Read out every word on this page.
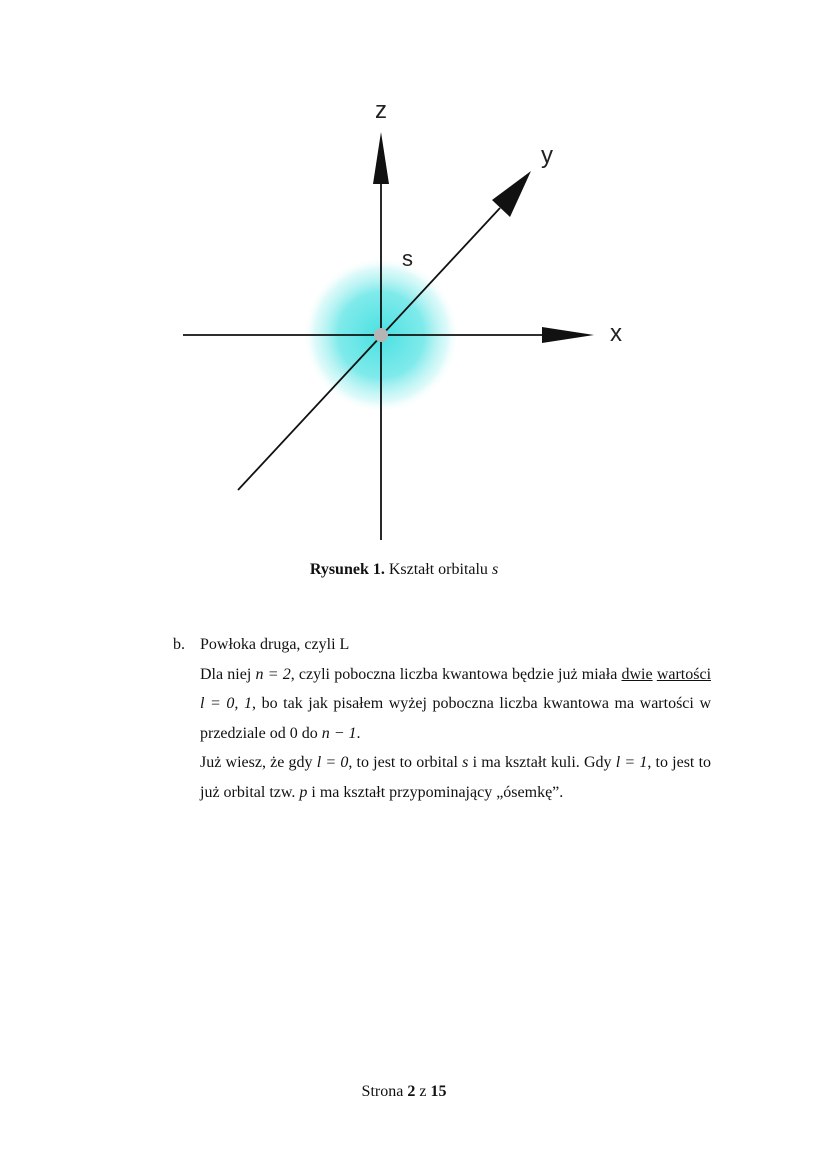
z
y
x
s
Rysunek 1. Kształt orbitalu s
b. Powłoka druga, czyli L
Dla niej n = 2, czyli poboczna liczba kwantowa będzie już miała dwie wartości l = 0, 1, bo tak jak pisałem wyżej poboczna liczba kwantowa ma wartości w przedziale od 0 do n − 1.
Już wiesz, że gdy l = 0, to jest to orbital s i ma kształt kuli. Gdy l = 1, to jest to już orbital tzw. p i ma kształt przypominający „ósemkę”.
Strona 2 z 15
